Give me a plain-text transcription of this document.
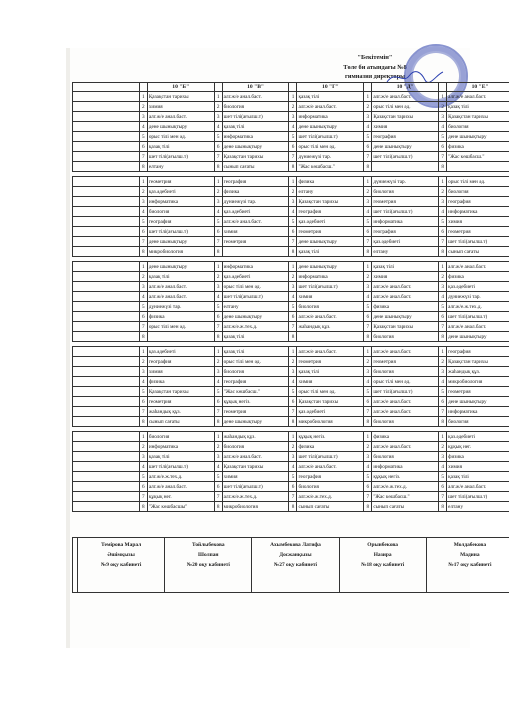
"Бекітемін"
Төле би атындағы №8
гимназия директоры
		10 "Б"		10 "В"		10 "Г"		10 "Д"		10 "Е"
	1	Қазақстан тарихы	1	алг.ж/е анал.баст.	1	қазақ тілі	1	алг.ж/е анал.баст.	1	алг.ж/е анал.баст.
	2	химия	2	биология	2	алг.ж/е анал.баст.	2	орыс тілі мен әд.	2	қазақ тілі
	3	алг.ж/е анал.баст.	3	шет тілі(ағылш.т)	3	информатика	3	Қазақстан тарихы	3	Қазақстан тарихы
	4	дене шынықтыру	4	қазақ тілі	4	дене шынықтыру	4	химия	4	биология
	5	орыс тілі мен әд.	5	информатика	5	шет тілі(ағылш.т)	5	география	5	дене шынықтыру
	6	қазақ тілі	6	дене шынықтыру	6	орыс тілі мен әд.	6	дене шынықтыру	6	физика
	7	шет тілі(ағылш.т)	7	Қазақстан тарихы	7	дүниежүзі тар.	7	шет тілі(ағылш.т)	7	"Жас көшбасш."
	8	елтану	8	сынып сағаты	8	"Жас көшбасш."	8		8	

	1	геометрия	1	география	1	физика	1	дүниежүзі тар.	1	орыс тілі мен әд.
	2	қаз.әдебиеті	2	физика	2	елтану	2	биология	2	биология
	3	информатика	3	дүниежүзі тар.	3	Қазақстан тарихы	3	геометрия	3	география
	4	биология	4	қаз.әдебиеті	4	география	4	шет тілі(ағылш.т)	4	информатика
	5	география	5	алг.ж/е анал.баст.	5	қаз.әдебиеті	5	информатика	5	химия
	6	шет тілі(ағылш.т)	6	химия	6	геометрия	6	география	6	геометрия
	7	дене шынықтыру	7	геометрия	7	дене шынықтыру	7	қаз.әдебиеті	7	шет тілі(ағылш.т)
	8	микробиология	8		8	қазақ тілі	8	елтану	8	сынып сағаты

	1	дене шынықтыру	1	информатика	1	дене шынықтыру	1	қазақ тілі	1	алг.ж/е анал.баст.
	2	қазақ тілі	2	қаз.әдебиеті	2	информатика	2	химия	2	физика
	3	алг.ж/е анал.баст.	3	орыс тілі мен әд.	3	шет тілі(ағылш.т)	3	алг.ж/е анал.баст.	3	қаз.әдебиеті
	4	алг.ж/е анал.баст.	4	шет тілі(ағылш.т)	4	химия	4	алг.ж/е анал.баст.	4	дүниежүзі тар.
	5	дүниежүзі тар.	5	елтану	5	биология	5	физика	5	алг.ж/е.ж.тех.д.
	6	физика	6	дене шынықтыру	6	алг.ж/е анал.баст.	6	дене шынықтыру	6	шет тілі(ағылш.т)
	7	орыс тілі мен әд.	7	алг.ж/е.ж.тех.д.	7	жаһандық құз.	7	Қазақстан тарихы	7	алг.ж/е анал.баст.
	8		8	қазақ тілі	8		8	биология	8	дене шынықтыру

	1	қаз.әдебиеті	1	қазақ тілі	1	алг.ж/е анал.баст.	1	алг.ж/е анал.баст.	1	география
	2	география	2	орыс тілі мен әд.	2	геометрия	2	геометрия	2	Қазақстан тарихы
	3	химия	3	биология	3	қазақ тілі	3	биология	3	жаһандық құз.
	4	физика	4	география	4	химия	4	орыс тілі мен әд.	4	микробиология
	5	Қазақстан тарихы	5	"Жас көшбасш."	5	орыс тілі мен әд.	5	шет тілі(ағылш.т)	5	геометрия
	6	геометрия	6	құқық негіз.	6	Қазақстан тарихы	6	алг.ж/е анал.баст.	6	дене шынықтыру
	7	жаһандық құз.	7	геометрия	7	қаз.әдебиеті	7	алг.ж/е анал.баст.	7	информатика
	8	сынып сағаты	8	дене шынықтыру	8	микробиология	8	биология	8	биология

	1	биология	1	жаһандық құз.	1	құқық негіз.	1	физика	1	қаз.әдебиеті
	2	информатика	2	биология	2	физика	2	алг.ж/е анал.баст.	2	құқық нег.
	3	қазақ тілі	3	алг.ж/е анал.баст.	3	шет тілі(ағылш.т)	3	биология	3	физика
	4	шет тілі(ағылш.т)	4	Қазақстан тарихы	4	алг.ж/е анал.баст.	4	информатика	4	химия
	5	алг.ж/е.ж.тех.д.	5	химия	5	география	5	құқық негіз.	5	қазақ тілі
	6	алг.ж/е анал.баст.	6	шет тілі(ағылш.т)	6	биология	6	алг.ж/е.ж.тех.д.	6	алг.ж/е анал.баст.
	7	құқық нег.	7	алг.ж/е.ж.тех.д.	7	алг.ж/е.ж.тех.д.	7	"Жас көшбасш."	7	шет тілі(ағылш.т)
	8	"Жас көшбасшы"	8	микробиология	8	сынып сағаты	8	сынып сағаты	8	елтану

Темірова Марал
Әшімқызы
№9 оқу кабинеті

Тойлыбекова
Шолпан
№20 оқу кабинеті

Ахымбекова Латифа
Досжанқызы
№27 оқу кабинеті

Орынбекова
Назира
№18 оқу кабинеті

Молдабекова
Мадина
№17 оқу кабинеті
